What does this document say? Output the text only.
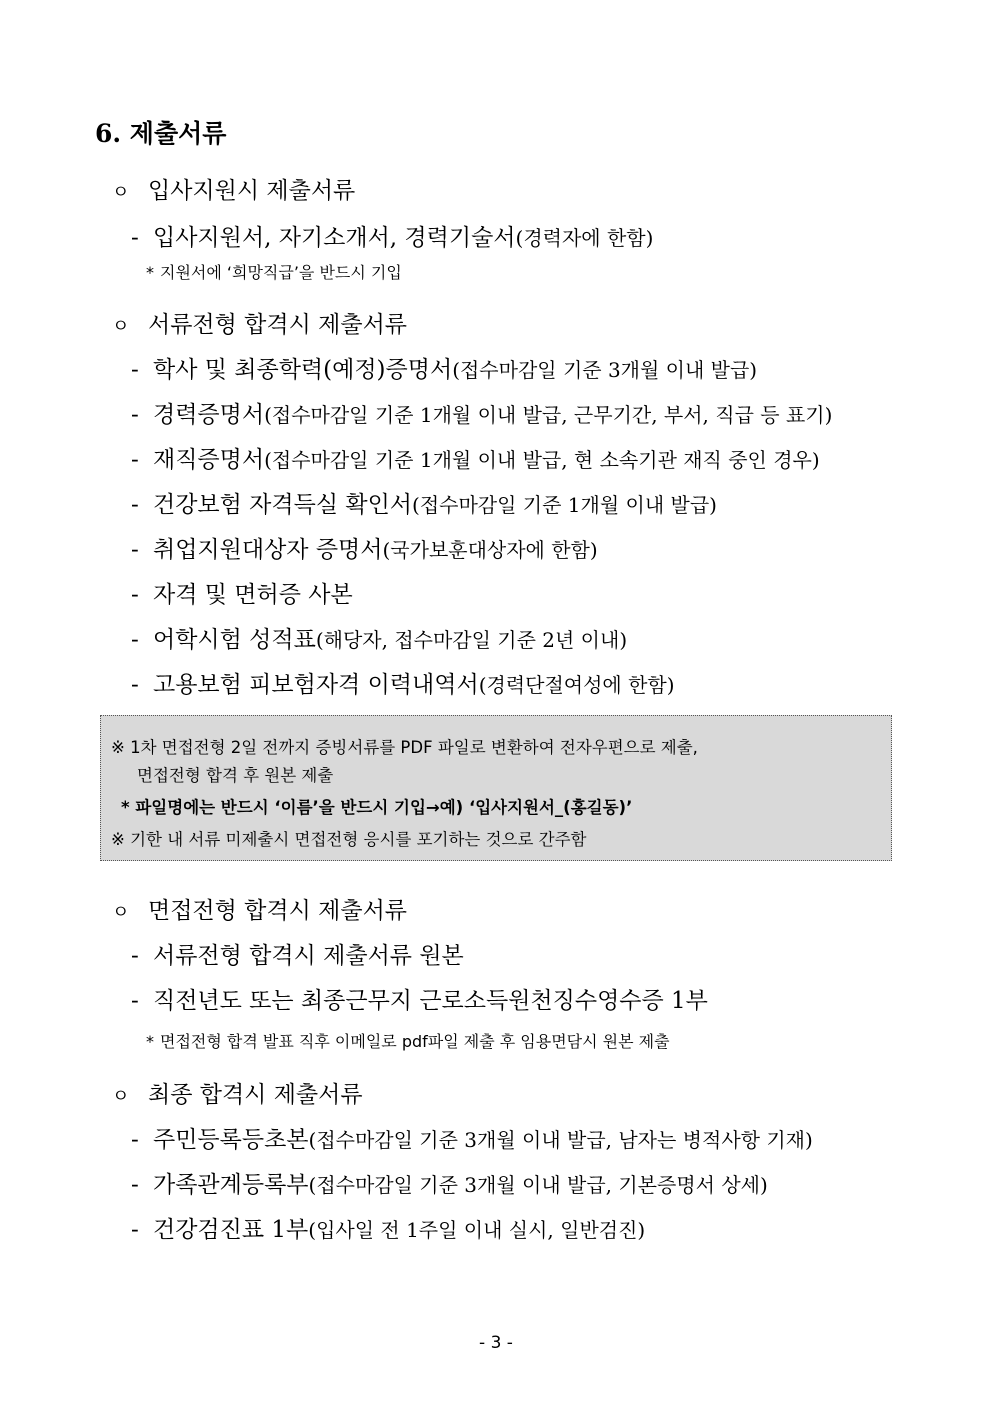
6. 제출서류
ㅇ 입사지원시 제출서류
- 입사지원서, 자기소개서, 경력기술서(경력자에 한함)
* 지원서에 ‘희망직급’을 반드시 기입
ㅇ 서류전형 합격시 제출서류
- 학사 및 최종학력(예정)증명서(접수마감일 기준 3개월 이내 발급)
- 경력증명서(접수마감일 기준 1개월 이내 발급, 근무기간, 부서, 직급 등 표기)
- 재직증명서(접수마감일 기준 1개월 이내 발급, 현 소속기관 재직 중인 경우)
- 건강보험 자격득실 확인서(접수마감일 기준 1개월 이내 발급)
- 취업지원대상자 증명서(국가보훈대상자에 한함)
- 자격 및 면허증 사본
- 어학시험 성적표(해당자, 접수마감일 기준 2년 이내)
- 고용보험 피보험자격 이력내역서(경력단절여성에 한함)
※ 1차 면접전형 2일 전까지 증빙서류를 PDF 파일로 변환하여 전자우편으로 제출,
면접전형 합격 후 원본 제출
* 파일명에는 반드시 ‘이름’을 반드시 기입→예) ‘입사지원서_(홍길동)’
※ 기한 내 서류 미제출시 면접전형 응시를 포기하는 것으로 간주함
ㅇ 면접전형 합격시 제출서류
- 서류전형 합격시 제출서류 원본
- 직전년도 또는 최종근무지 근로소득원천징수영수증 1부
* 면접전형 합격 발표 직후 이메일로 pdf파일 제출 후 임용면담시 원본 제출
ㅇ 최종 합격시 제출서류
- 주민등록등초본(접수마감일 기준 3개월 이내 발급, 남자는 병적사항 기재)
- 가족관계등록부(접수마감일 기준 3개월 이내 발급, 기본증명서 상세)
- 건강검진표 1부(입사일 전 1주일 이내 실시, 일반검진)
- 3 -
